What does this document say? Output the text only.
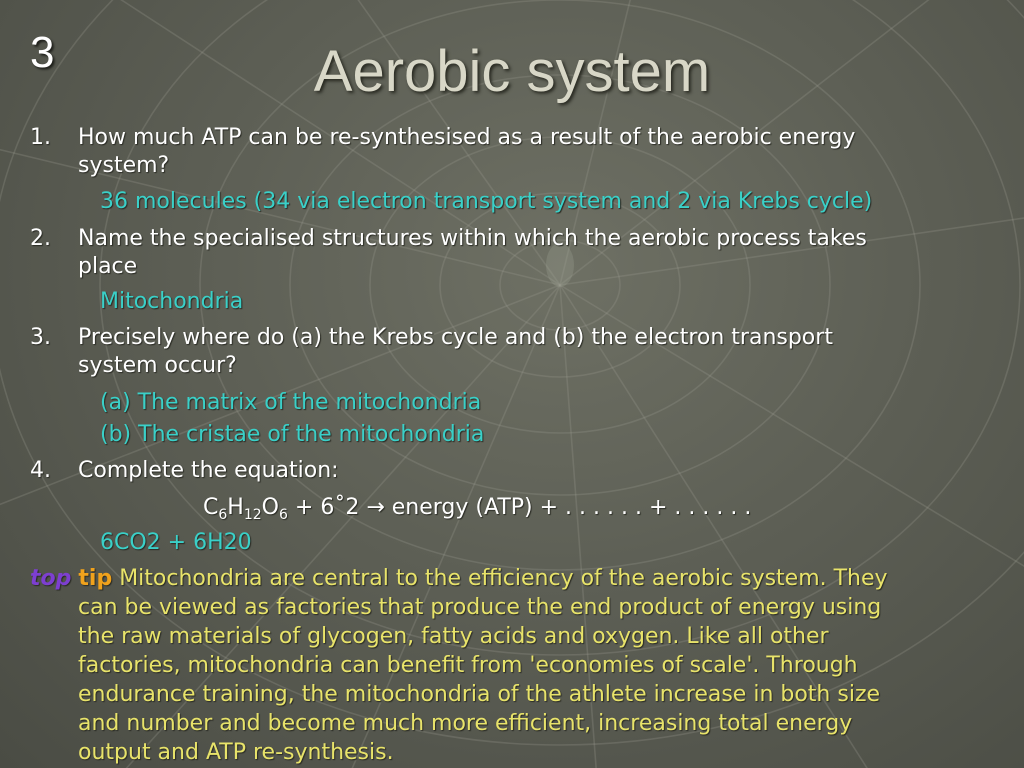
3	Aerobic system
1. How much ATP can be re-synthesised as a result of the aerobic energy
system?
36 molecules (34 via electron transport system and 2 via Krebs cycle)
2. Name the specialised structures within which the aerobic process takes
place
Mitochondria
3. Precisely where do (a) the Krebs cycle and (b) the electron transport
system occur?
(a) The matrix of the mitochondria
(b) The cristae of the mitochondria
4. Complete the equation:
$C_6H_{12}O_6$ + 6˚2 → energy (ATP) + . . . . . . + . . . . . .
6CO2 + 6H20
top tip Mitochondria are central to the efficiency of the aerobic system. They
can be viewed as factories that produce the end product of energy using
the raw materials of glycogen, fatty acids and oxygen. Like all other
factories, mitochondria can benefit from 'economies of scale'. Through
endurance training, the mitochondria of the athlete increase in both size
and number and become much more efficient, increasing total energy
output and ATP re-synthesis.
